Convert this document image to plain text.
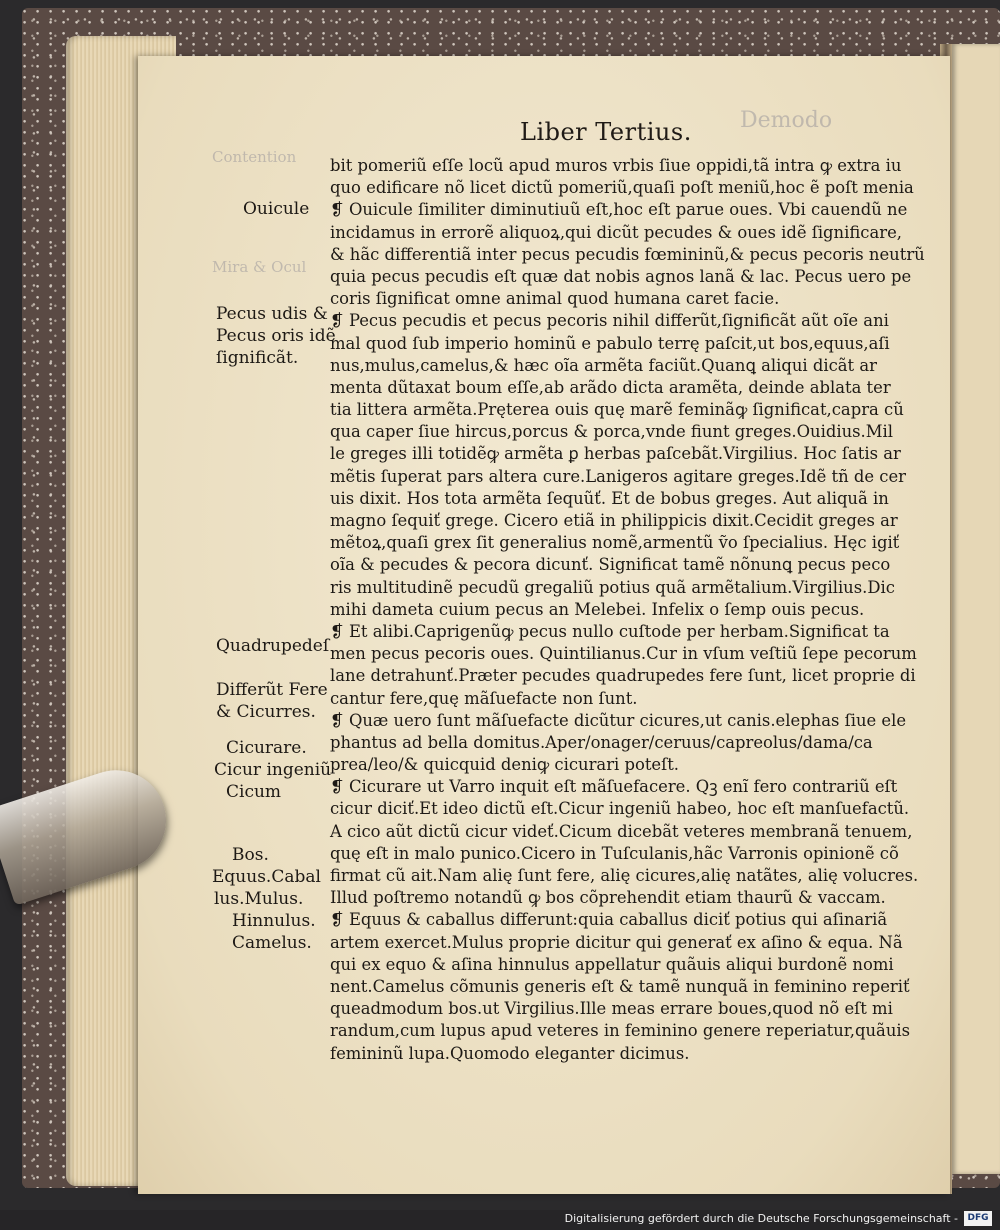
Demodo
Contention
Mira & Ocul
Liber Tertius.
bit pomeriũ eſſe locũ apud muros vrbis ſiue oppidi,tã intra ꝙ extra iu
quo edificare nõ licet dictũ pomeriũ,quaſi poſt meniũ,hoc ẽ poſt menia
❡ Ouicule ſimiliter diminutiuũ eſt,hoc eſt parue oues. Vbi cauendũ ne
incidamus in errorẽ aliquoꝝ,qui dicũt pecudes & oues idẽ ſignificare,
& hãc differentiã inter pecus pecudis fœmininũ,& pecus pecoris neutrũ
quia pecus pecudis eſt quæ dat nobis agnos lanã & lac. Pecus uero pe
coris ſignificat omne animal quod humana caret facie.
❡ Pecus pecudis et pecus pecoris nihil differũt,ſignificãt aũt oĩe ani
mal quod ſub imperio hominũ e pabulo terrę paſcit,ut bos,equus,aſi
nus,mulus,camelus,& hæc oĩa armẽta faciũt.Quanꝗ aliqui dicãt ar
menta dũtaxat boum eſſe,ab arãdo dicta aramẽta, deinde ablata ter
tia littera armẽta.Pręterea ouis quę marẽ feminãꝙ ſignificat,capra cũ
qua caper ſiue hircus,porcus & porca,vnde fiunt greges.Ouidius.Mil
le greges illi totidẽꝙ armẽta ꝑ herbas paſcebãt.Virgilius. Hoc ſatis ar
mẽtis ſuperat pars altera cure.Lanigeros agitare greges.Idẽ tñ de cer
uis dixit. Hos tota armẽta ſequũť. Et de bobus greges. Aut aliquã in
magno ſequiť grege. Cicero etiã in philippicis dixit.Cecidit greges ar
mẽtoꝝ,quaſi grex ſit generalius nomẽ,armentũ ṽo ſpecialius. Hęc igiť
oĩa & pecudes & pecora dicunť. Significat tamẽ nõnunꝗ pecus peco
ris multitudinẽ pecudũ gregaliũ potius quã armẽtalium.Virgilius.Dic
mihi dameta cuium pecus an Melebei. Infelix o ſemp ouis pecus.
❡ Et alibi.Caprigenũꝙ pecus nullo cuſtode per herbam.Significat ta
men pecus pecoris oues. Quintilianus.Cur in vſum veſtiũ ſepe pecorum
lane detrahunť.Præter pecudes quadrupedes fere ſunt, licet proprie di
cantur fere,quę mãſuefacte non ſunt.
❡ Quæ uero ſunt mãſuefacte dicũtur cicures,ut canis.elephas ſiue ele
phantus ad bella domitus.Aper/onager/ceruus/capreolus/dama/ca
prea/leo/& quicquid deniꝙ cicurari poteſt.
❡ Cicurare ut Varro inquit eſt mãſuefacere. Qꝫ enĩ fero contrariũ eſt
cicur diciť.Et ideo dictũ eſt.Cicur ingeniũ habeo, hoc eſt manſuefactũ.
A cico aũt dictũ cicur videť.Cicum dicebãt veteres membranã tenuem,
quę eſt in malo punico.Cicero in Tuſculanis,hãc Varronis opinionẽ cõ
firmat cũ ait.Nam alię ſunt fere, alię cicures,alię natãtes, alię volucres.
Illud poſtremo notandũ ꝙ bos cõprehendit etiam thaurũ & vaccam.
❡ Equus & caballus differunt:quia caballus diciť potius qui aſinariã
artem exercet.Mulus proprie dicitur qui generať ex aſino & equa. Nã
qui ex equo & aſina hinnulus appellatur quãuis aliqui burdonẽ nomi
nent.Camelus cõmunis generis eſt & tamẽ nunquã in feminino reperiť
queadmodum bos.ut Virgilius.Ille meas errare boues,quod nõ eſt mi
randum,cum lupus apud veteres in feminino genere reperiatur,quãuis
femininũ lupa.Quomodo eleganter dicimus.
Ouicule
Pecus udis &
Pecus oris idẽ
ſignificãt.
Quadrupedeſ
Differũt Fere
& Cicurres.
Cicurare.
Cicur ingeniũ
Cicum
Bos.
Equus.Cabal
lus.Mulus.
Hinnulus.
Camelus.
Digitalisierung gefördert durch die Deutsche Forschungsgemeinschaft -	DFG
